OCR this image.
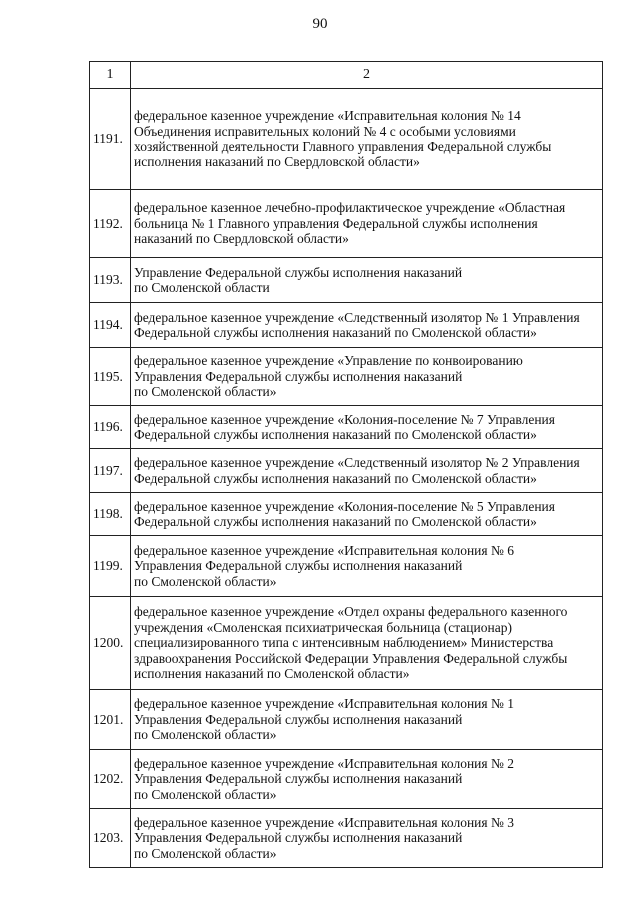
90
1	2
1191.	федеральное казенное учреждение «Исправительная колония № 14
Объединения исправительных колоний № 4 с особыми условиями
хозяйственной деятельности Главного управления Федеральной службы
исполнения наказаний по Свердловской области»
1192.	федеральное казенное лечебно-профилактическое учреждение «Областная
больница № 1 Главного управления Федеральной службы исполнения
наказаний по Свердловской области»
1193.	Управление Федеральной службы исполнения наказаний
по Смоленской области
1194.	федеральное казенное учреждение «Следственный изолятор № 1 Управления
Федеральной службы исполнения наказаний по Смоленской области»
1195.	федеральное казенное учреждение «Управление по конвоированию
Управления Федеральной службы исполнения наказаний
по Смоленской области»
1196.	федеральное казенное учреждение «Колония-поселение № 7 Управления
Федеральной службы исполнения наказаний по Смоленской области»
1197.	федеральное казенное учреждение «Следственный изолятор № 2 Управления
Федеральной службы исполнения наказаний по Смоленской области»
1198.	федеральное казенное учреждение «Колония-поселение № 5 Управления
Федеральной службы исполнения наказаний по Смоленской области»
1199.	федеральное казенное учреждение «Исправительная колония № 6
Управления Федеральной службы исполнения наказаний
по Смоленской области»
1200.	федеральное казенное учреждение «Отдел охраны федерального казенного
учреждения «Смоленская психиатрическая больница (стационар)
специализированного типа с интенсивным наблюдением» Министерства
здравоохранения Российской Федерации Управления Федеральной службы
исполнения наказаний по Смоленской области»
1201.	федеральное казенное учреждение «Исправительная колония № 1
Управления Федеральной службы исполнения наказаний
по Смоленской области»
1202.	федеральное казенное учреждение «Исправительная колония № 2
Управления Федеральной службы исполнения наказаний
по Смоленской области»
1203.	федеральное казенное учреждение «Исправительная колония № 3
Управления Федеральной службы исполнения наказаний
по Смоленской области»
